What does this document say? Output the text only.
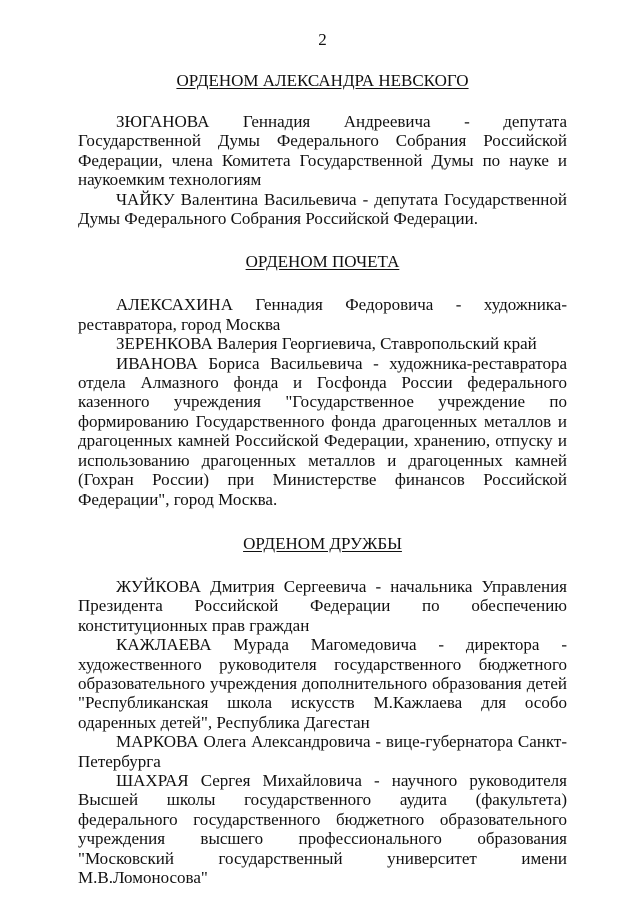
2
ОРДЕНОМ АЛЕКСАНДРА НЕВСКОГО

ЗЮГАНОВА Геннадия Андреевича - депутата Государственной Думы Федерального Собрания Российской Федерации, члена Комитета Государственной Думы по науке и наукоемким технологиям

ЧАЙКУ Валентина Васильевича - депутата Государственной Думы Федерального Собрания Российской Федерации.

ОРДЕНОМ ПОЧЕТА

АЛЕКСАХИНА Геннадия Федоровича - художника-реставратора, город Москва

ЗЕРЕНКОВА Валерия Георгиевича, Ставропольский край

ИВАНОВА Бориса Васильевича - художника-реставратора отдела Алмазного фонда и Госфонда России федерального казенного учреждения "Государственное учреждение по формированию Государственного фонда драгоценных металлов и драгоценных камней Российской Федерации, хранению, отпуску и использованию драгоценных металлов и драгоценных камней (Гохран России) при Министерстве финансов Российской Федерации", город Москва.

ОРДЕНОМ ДРУЖБЫ

ЖУЙКОВА Дмитрия Сергеевича - начальника Управления Президента Российской Федерации по обеспечению конституционных прав граждан

КАЖЛАЕВА Мурада Магомедовича - директора - художественного руководителя государственного бюджетного образовательного учреждения дополнительного образования детей "Республиканская школа искусств М.Кажлаева для особо одаренных детей", Республика Дагестан

МАРКОВА Олега Александровича - вице-губернатора Санкт-Петербурга

ШАХРАЯ Сергея Михайловича - научного руководителя Высшей школы государственного аудита (факультета) федерального государственного бюджетного образовательного учреждения высшего профессионального образования "Московский государственный университет имени М.В.Ломоносова"
